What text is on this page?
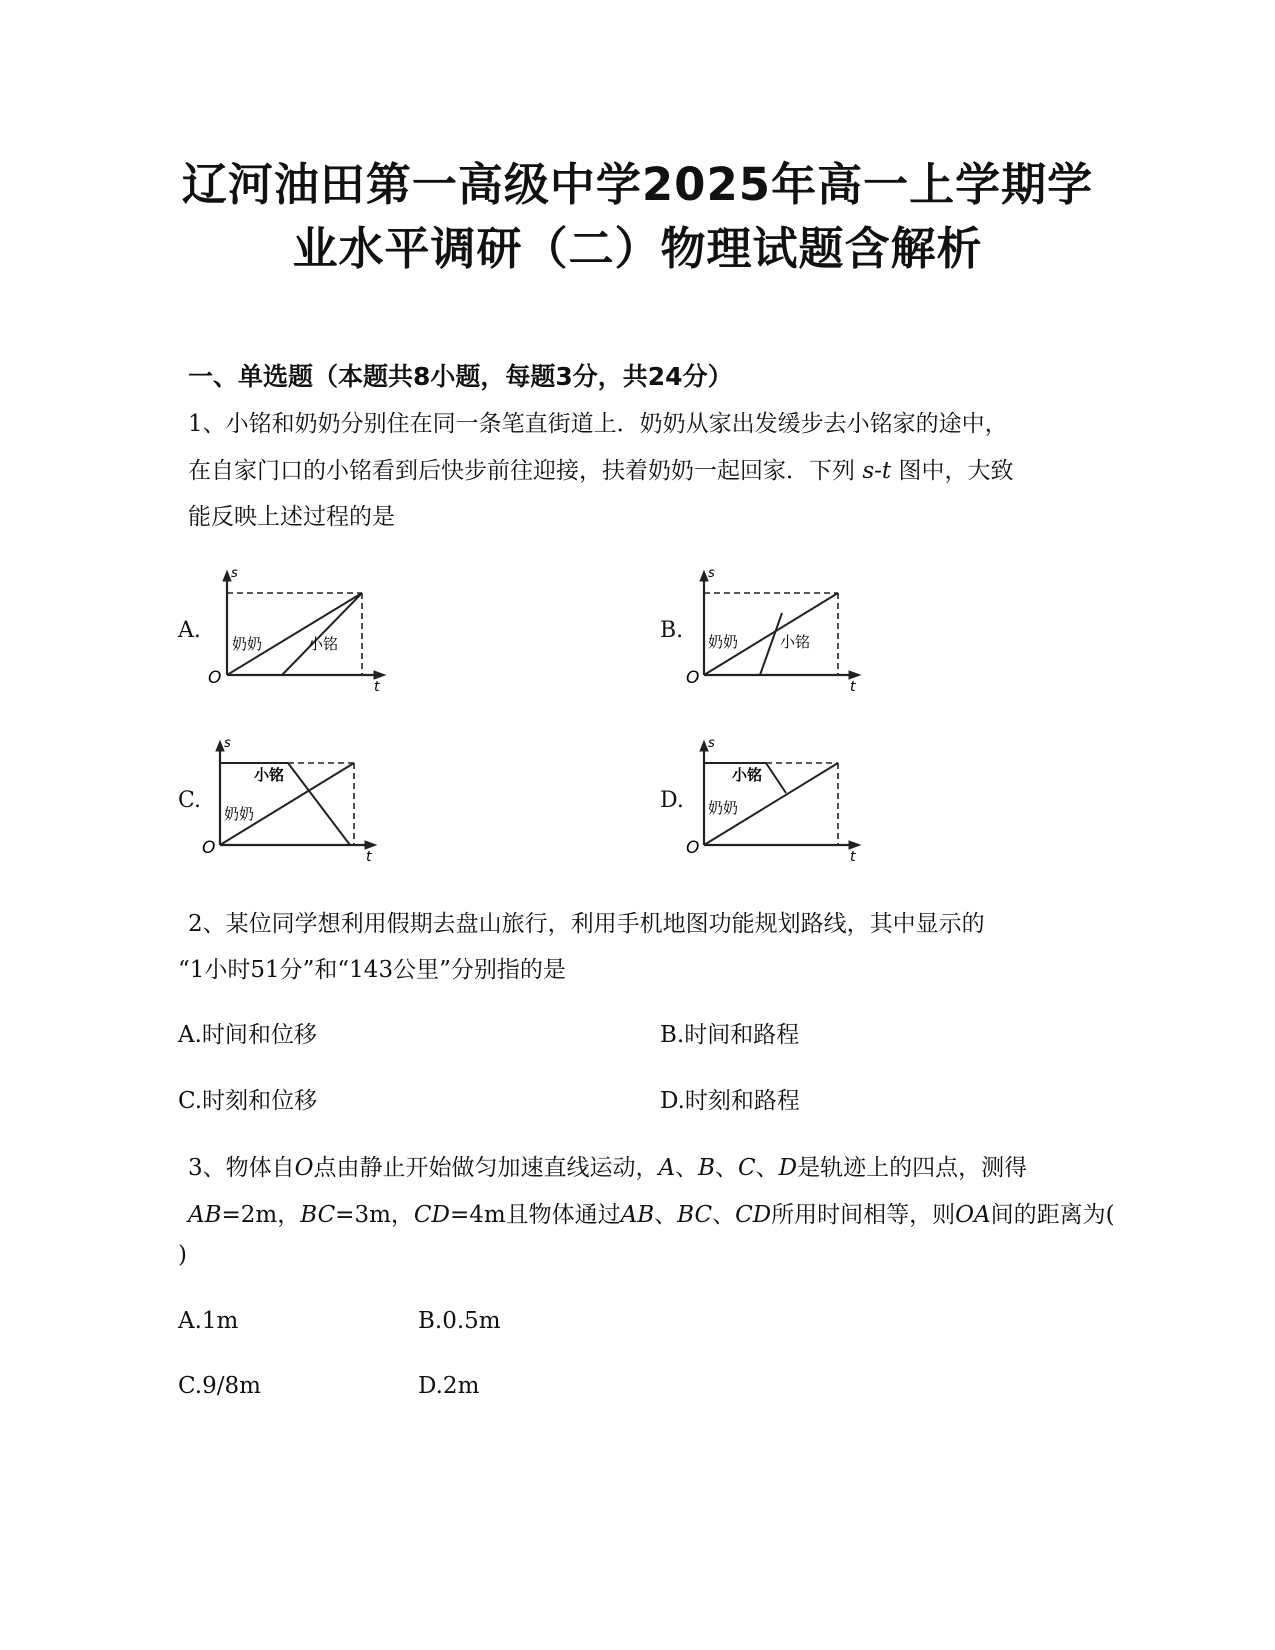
辽河油田第一高级中学2025年高一上学期学
业水平调研（二）物理试题含解析
一、单选题（本题共8小题，每题3分，共24分）
1、小铭和奶奶分别住在同一条笔直街道上．奶奶从家出发缓步去小铭家的途中，
在自家门口的小铭看到后快步前往迎接，扶着奶奶一起回家．下列 s-t 图中，大致
能反映上述过程的是
A.	B.
C.	D.
s
t
O
奶奶	小铭
s
t
O
奶奶	小铭
s
t
O
奶奶
小铭
s
t
O
奶奶
小铭
2、某位同学想利用假期去盘山旅行，利用手机地图功能规划路线，其中显示的
“1小时51分”和“143公里”分别指的是
A.时间和位移	B.时间和路程
C.时刻和位移	D.时刻和路程
3、物体自O点由静止开始做匀加速直线运动，A、B、C、D是轨迹上的四点，测得
AB=2m，BC=3m，CD=4m且物体通过AB、BC、CD所用时间相等，则OA间的距离为(
)
A.1m	B.0.5m
C.9/8m	D.2m
